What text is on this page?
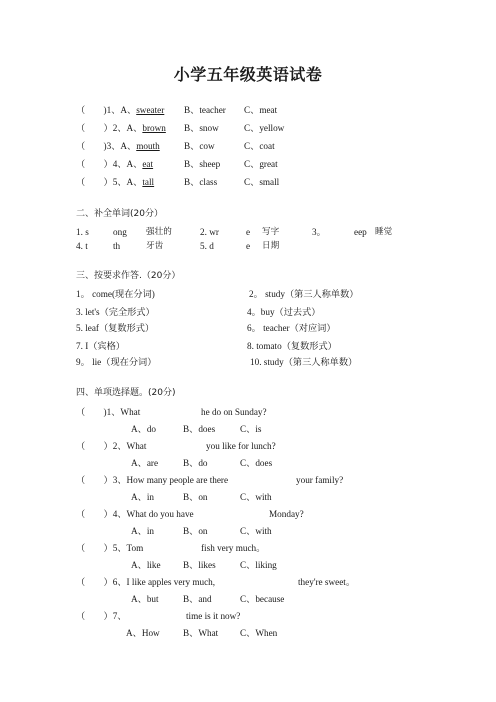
小学五年级英语试卷
（　　)1、A、sweater B、teacher C、meat
（　　）2、A、brown B、snow	C、yellow
（　　)3、A、mouth	B、cow	C、coat
（　　）4、A、eat	B、sheep	C、great
（　　）5、A、tall	B、class	C、small
二、补全单词(20分）
1. s	ong 强壮的	2. wr	e 写字	3。	eep 睡觉
4. t	th	牙齿	5. d	e 日期
三、按要求作答.（20分）
1。 come(现在分词)	2。 study（第三人称单数）
3. let's（完全形式）	4。buy（过去式）
5. leaf（复数形式）	6。 teacher（对应词）
7. I（宾格）	8. tomato（复数形式）
9。 lie（现在分词）	10. study（第三人称单数）
四、单项选择题。(20分)
（　　)1、What	he do on Sunday?
A、do	B、does	C、is
（　　）2、What	you like for lunch?
A、are	B、do	C、does
（　　）3、How many people are there	your family?
A、in	B、on	C、with
（　　）4、What do you have	Monday?
A、in	B、on	C、with
（　　）5、Tom	fish very much。
A、like B、likes	C、liking
（　　）6、I like apples very much,	they're sweet。
A、but	B、and	C、because
（　　）7、	time is it now?
A、How	B、What C、When
